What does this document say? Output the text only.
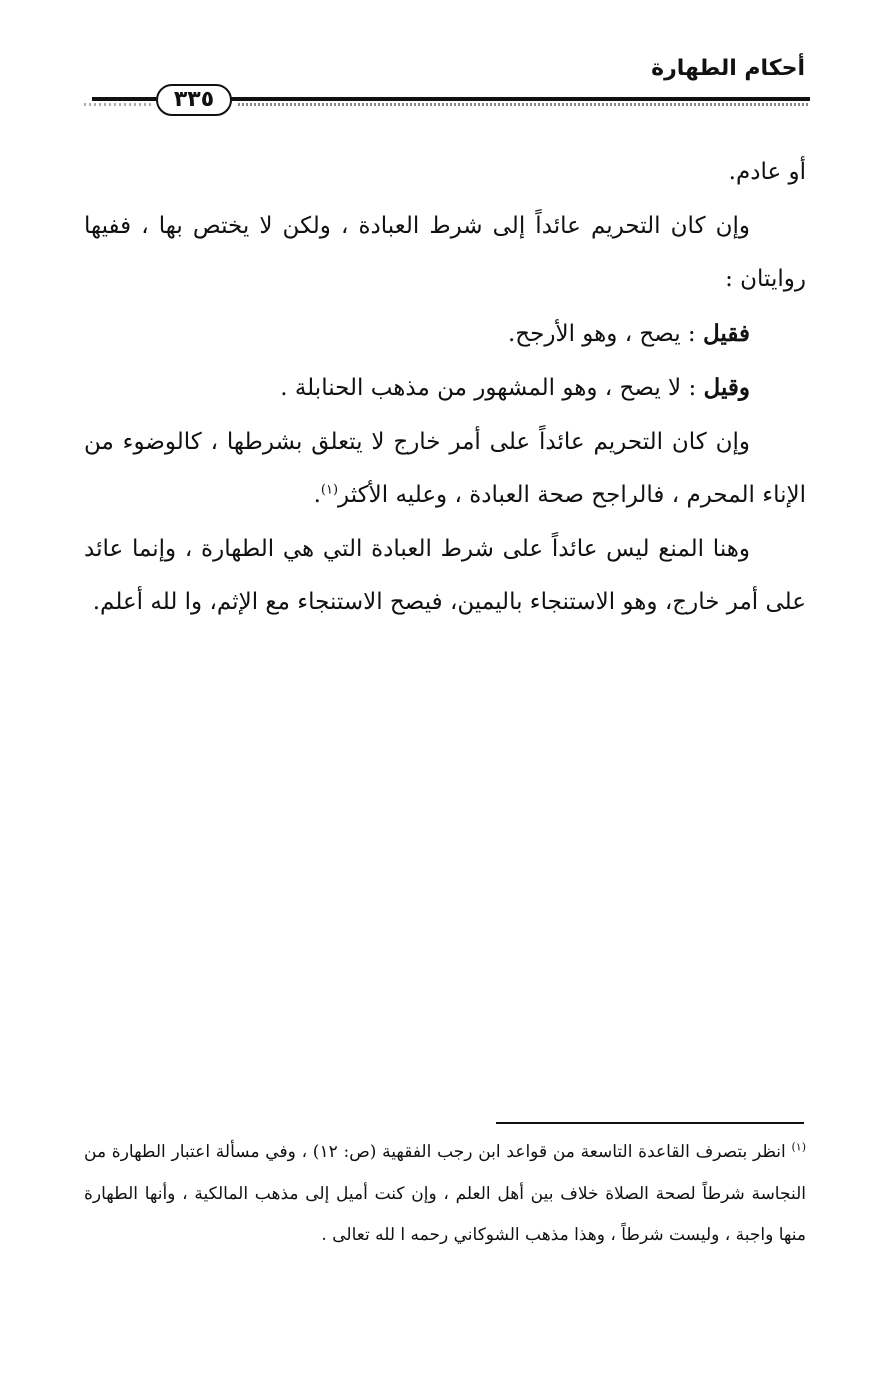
أحكام الطهارة
٣٣٥

أو عادم.

وإن كان التحريم عائداً إلى شرط العبادة ، ولكن لا يختص بها ، ففيها روايتان :

فقيل : يصح ، وهو الأرجح.

وقيل : لا يصح ، وهو المشهور من مذهب الحنابلة .

وإن كان التحريم عائداً على أمر خارج لا يتعلق بشرطها ، كالوضوء من الإناء المحرم ، فالراجح صحة العبادة ، وعليه الأكثر$^{(١)}$.

وهنا المنع ليس عائداً على شرط العبادة التي هي الطهارة ، وإنما عائد على أمر خارج، وهو الاستنجاء باليمين، فيصح الاستنجاء مع الإثم، وا لله أعلم.

$^{(١)}$ انظر بتصرف القاعدة التاسعة من قواعد ابن رجب الفقهية (ص: ١٢) ، وفي مسألة اعتبار الطهارة من النجاسة شرطاً لصحة الصلاة خلاف بين أهل العلم ، وإن كنت أميل إلى مذهب المالكية ، وأنها الطهارة منها واجبة ، وليست شرطاً ، وهذا مذهب الشوكاني رحمه ا لله تعالى .
